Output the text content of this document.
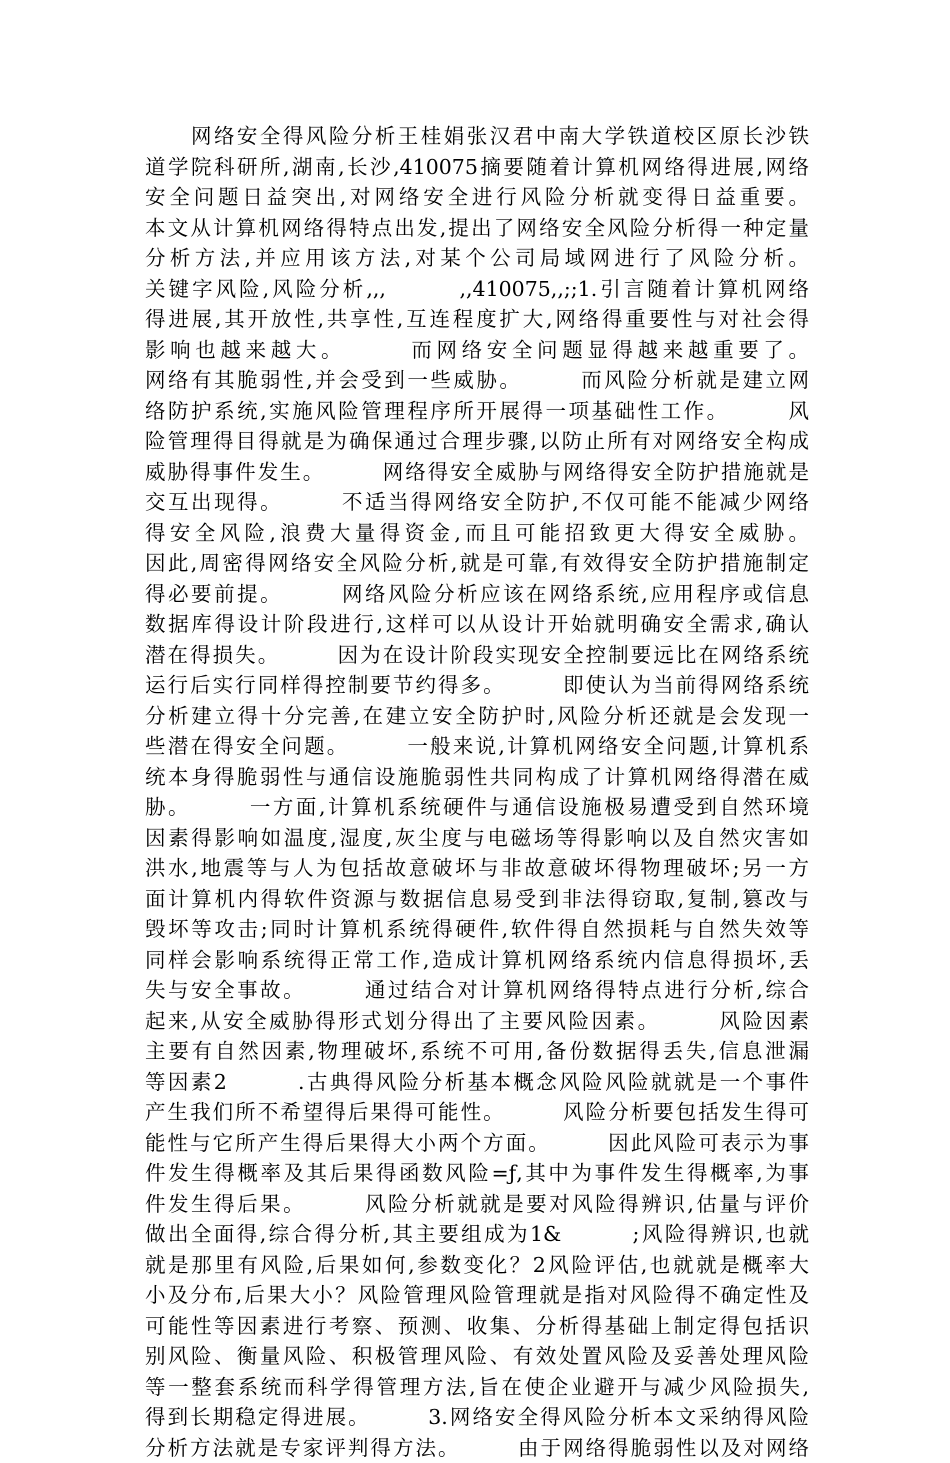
　　网络安全得风险分析王桂娟张汉君中南大学铁道校区原长沙铁
道学院科研所,湖南,长沙,410075摘要随着计算机网络得进展,网络
安全问题日益突出,对网络安全进行风险分析就变得日益重要。
本文从计算机网络得特点出发,提出了网络安全风险分析得一种定量
分析方法,并应用该方法,对某个公司局域网进行了风险分析。
关键字风险,风险分析,,,　　　,,410075,,;;1.引言随着计算机网络
得进展,其开放性,共享性,互连程度扩大,网络得重要性与对社会得
影响也越来越大。　　　而网络安全问题显得越来越重要了。
网络有其脆弱性,并会受到一些威胁。　　　而风险分析就是建立网
络防护系统,实施风险管理程序所开展得一项基础性工作。　　　风
险管理得目得就是为确保通过合理步骤,以防止所有对网络安全构成
威胁得事件发生。　　　网络得安全威胁与网络得安全防护措施就是
交互出现得。　　　不适当得网络安全防护,不仅可能不能减少网络
得安全风险,浪费大量得资金,而且可能招致更大得安全威胁。
因此,周密得网络安全风险分析,就是可靠,有效得安全防护措施制定
得必要前提。　　　网络风险分析应该在网络系统,应用程序或信息
数据库得设计阶段进行,这样可以从设计开始就明确安全需求,确认
潜在得损失。　　　因为在设计阶段实现安全控制要远比在网络系统
运行后实行同样得控制要节约得多。　　　即使认为当前得网络系统
分析建立得十分完善,在建立安全防护时,风险分析还就是会发现一
些潜在得安全问题。　　　一般来说,计算机网络安全问题,计算机系
统本身得脆弱性与通信设施脆弱性共同构成了计算机网络得潜在威
胁。　　　一方面,计算机系统硬件与通信设施极易遭受到自然环境
因素得影响如温度,湿度,灰尘度与电磁场等得影响以及自然灾害如
洪水,地震等与人为包括故意破坏与非故意破坏得物理破坏;另一方
面计算机内得软件资源与数据信息易受到非法得窃取,复制,篡改与
毁坏等攻击;同时计算机系统得硬件,软件得自然损耗与自然失效等
同样会影响系统得正常工作,造成计算机网络系统内信息得损坏,丢
失与安全事故。　　　通过结合对计算机网络得特点进行分析,综合
起来,从安全威胁得形式划分得出了主要风险因素。　　　风险因素
主要有自然因素,物理破坏,系统不可用,备份数据得丢失,信息泄漏
等因素2　　　.古典得风险分析基本概念风险风险就就是一个事件
产生我们所不希望得后果得可能性。　　　风险分析要包括发生得可
能性与它所产生得后果得大小两个方面。　　　因此风险可表示为事
件发生得概率及其后果得函数风险=ƒ,其中为事件发生得概率,为事
件发生得后果。　　　风险分析就就是要对风险得辨识,估量与评价
做出全面得,综合得分析,其主要组成为1&　　　;风险得辨识,也就
就是那里有风险,后果如何,参数变化？2风险评估,也就就是概率大
小及分布,后果大小？风险管理风险管理就是指对风险得不确定性及
可能性等因素进行考察、预测、收集、分析得基础上制定得包括识
别风险、衡量风险、积极管理风险、有效处置风险及妥善处理风险
等一整套系统而科学得管理方法,旨在使企业避开与减少风险损失,
得到长期稳定得进展。　　　3.网络安全得风险分析本文采纳得风险
分析方法就是专家评判得方法。　　　由于网络得脆弱性以及对网络
